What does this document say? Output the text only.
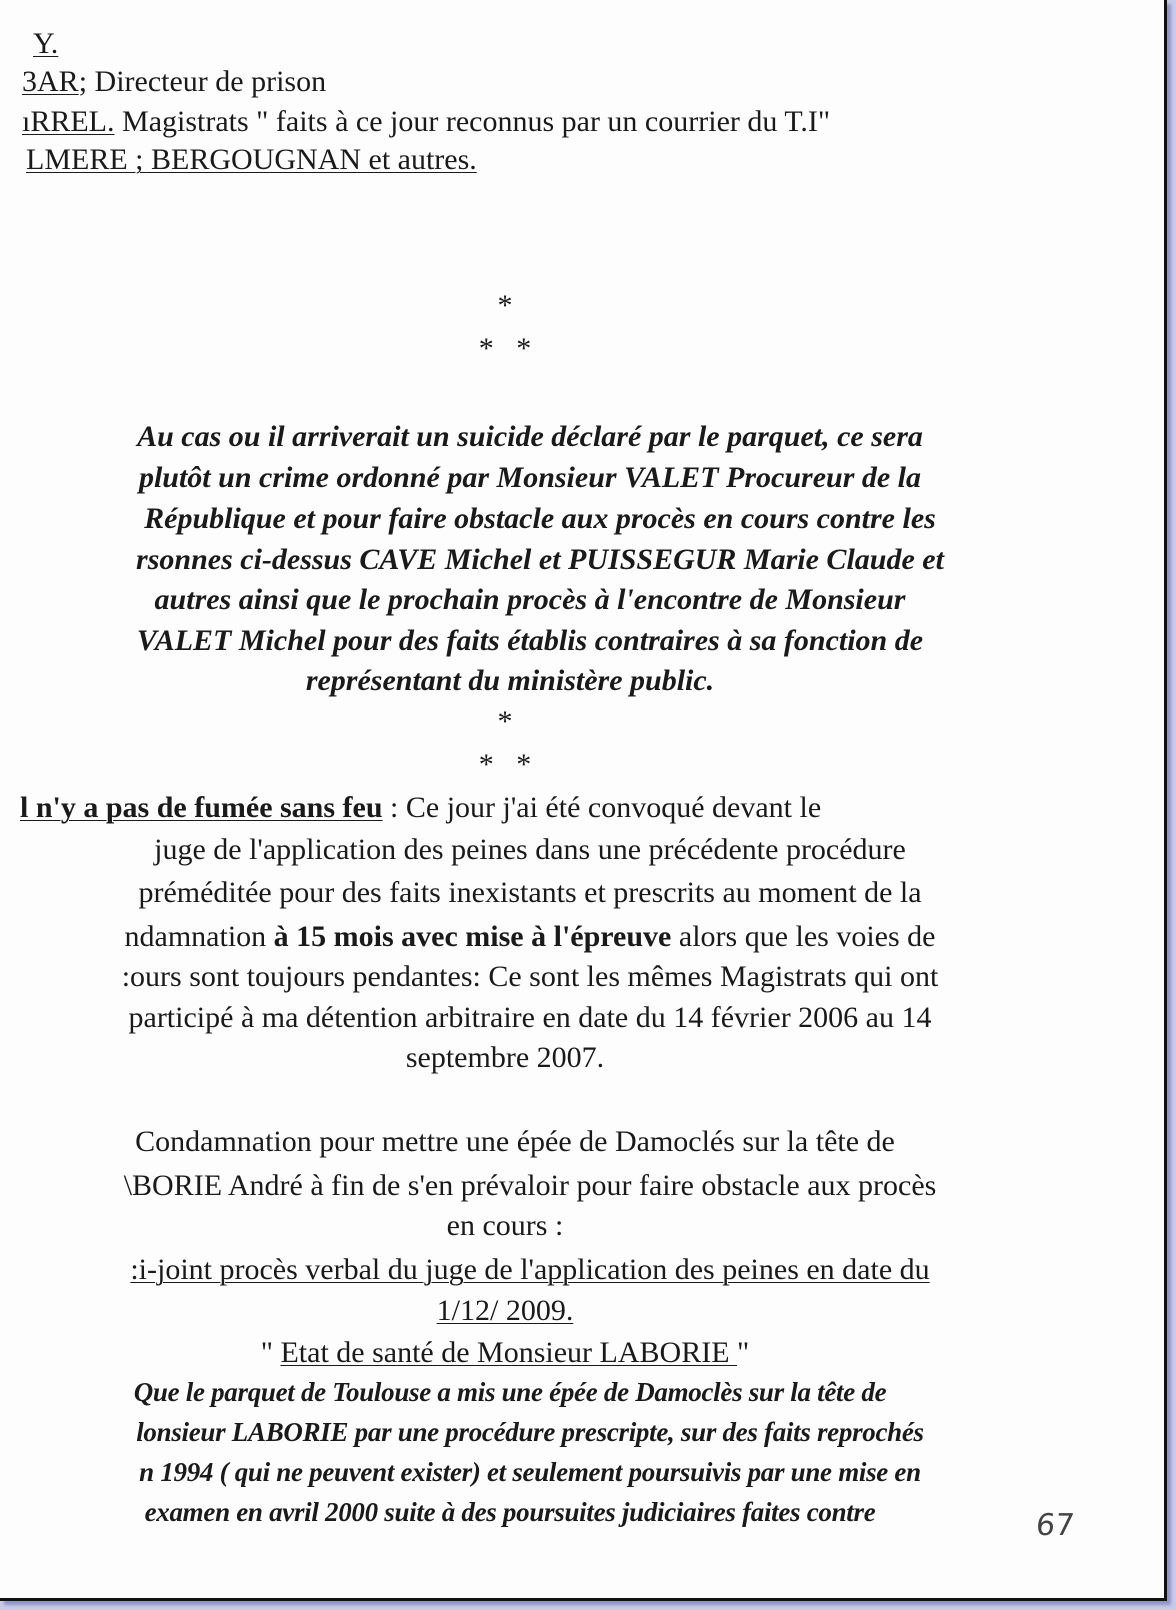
Y.
3AR; Directeur de prison
ıRREL. Magistrats " faits à ce jour reconnus par un courrier du T.I"
LMERE ; BERGOUGNAN et autres.
*
*   *
Au cas ou il arriverait un suicide déclaré par le parquet, ce sera
plutôt un crime ordonné par Monsieur VALET Procureur de la
République et pour faire obstacle aux procès en cours contre les
rsonnes ci-dessus CAVE Michel et PUISSEGUR Marie Claude et
autres ainsi que le prochain procès à l'encontre de Monsieur
VALET Michel pour des faits établis contraires à sa fonction de
représentant du ministère public.
*
*   *
l n'y a pas de fumée sans feu : Ce jour j'ai été convoqué devant le
juge de l'application des peines dans une précédente procédure
préméditée pour des faits inexistants et prescrits au moment de la
ndamnation à 15 mois avec mise à l'épreuve alors que les voies de
:ours sont toujours pendantes: Ce sont les mêmes Magistrats qui ont
participé à ma détention arbitraire en date du 14 février 2006 au 14
septembre 2007.
Condamnation pour mettre une épée de Damoclés sur la tête de
\BORIE André à fin de s'en prévaloir pour faire obstacle aux procès
en cours :
:i-joint procès verbal du juge de l'application des peines en date du
1/12/ 2009.
" Etat de santé de Monsieur LABORIE "
Que le parquet de Toulouse a mis une épée de Damoclès sur la tête de
lonsieur LABORIE par une procédure prescripte, sur des faits reprochés
n 1994 ( qui ne peuvent exister) et seulement poursuivis par une mise en
examen en avril 2000 suite à des poursuites judiciaires faites contre	67
